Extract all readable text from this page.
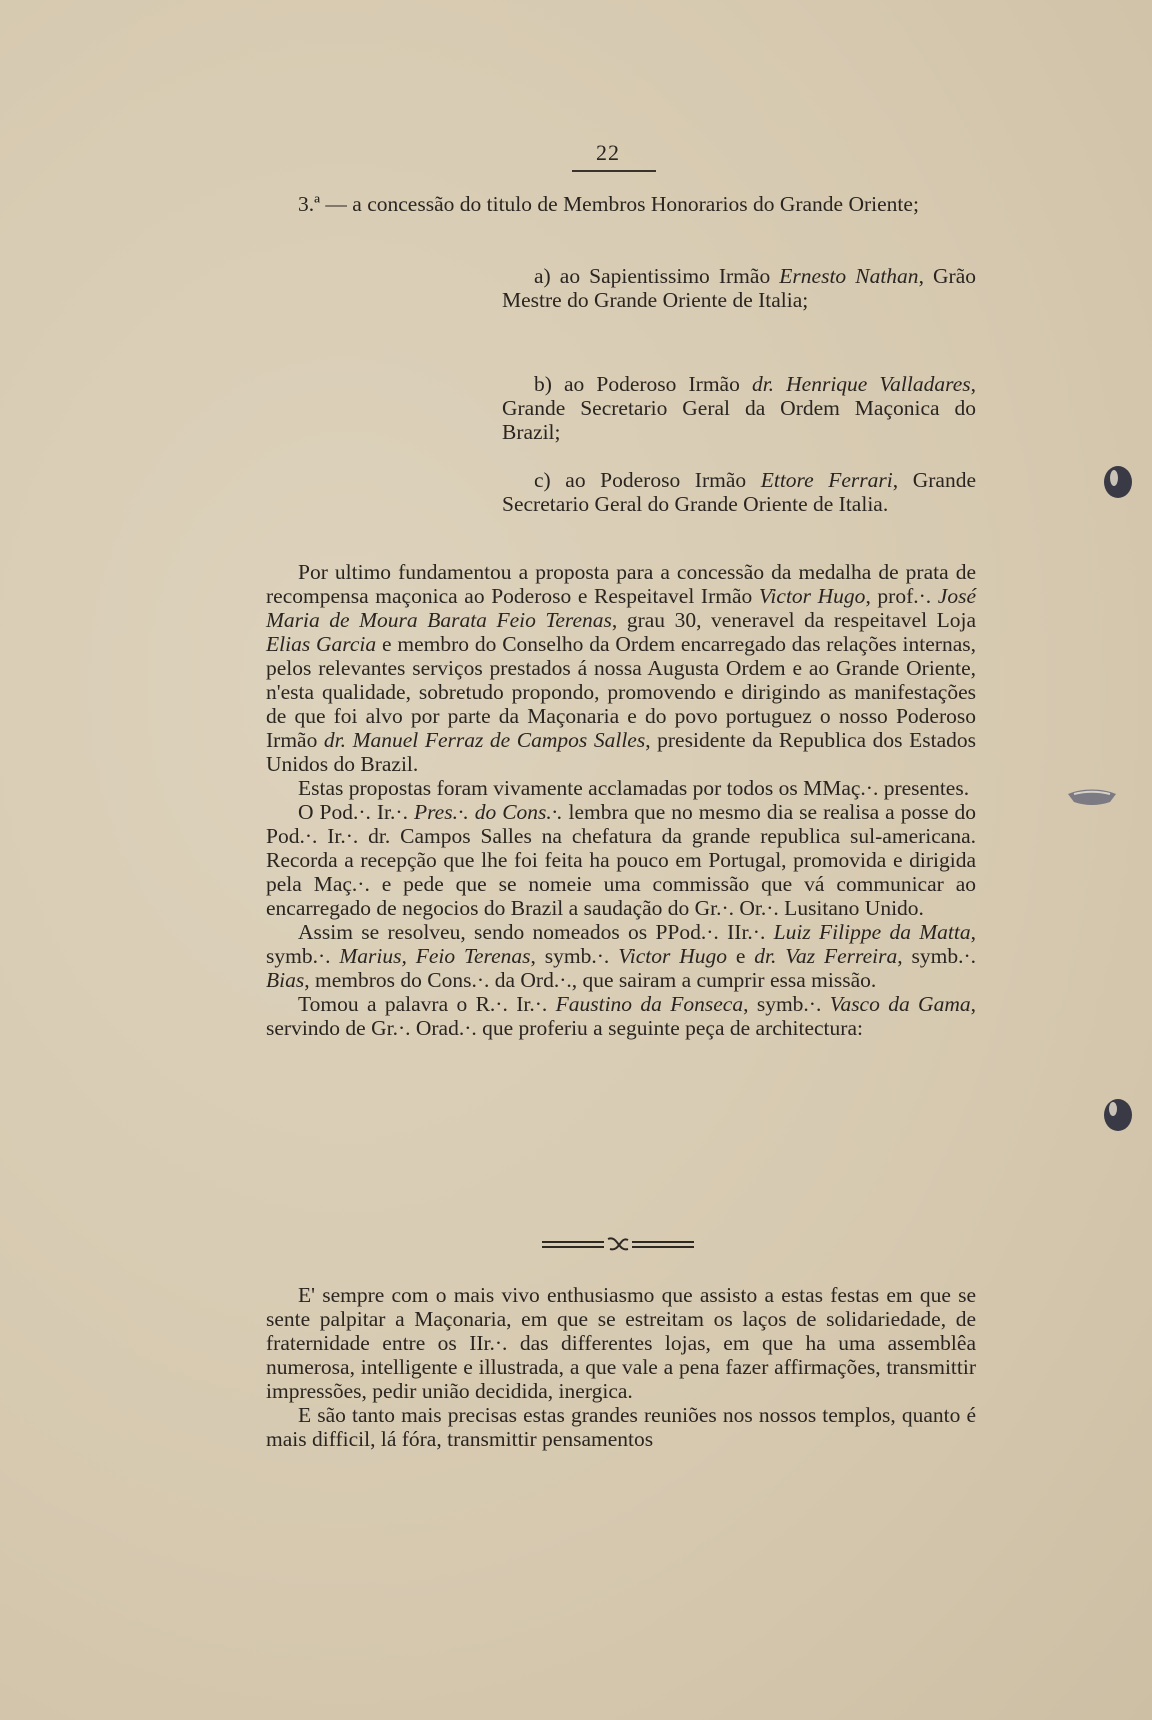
22

3.ª — a concessão do titulo de Membros Honorarios do Grande Oriente;

a) ao Sapientissimo Irmão Ernesto Nathan, Grão Mestre do Grande Oriente de Italia;

b) ao Poderoso Irmão dr. Henrique Valladares, Grande Secretario Geral da Ordem Maçonica do Brazil;

c) ao Poderoso Irmão Ettore Ferrari, Grande Secretario Geral do Grande Oriente de Italia.

Por ultimo fundamentou a proposta para a concessão da medalha de prata de recompensa maçonica ao Poderoso e Respeitavel Irmão Victor Hugo, prof.·. José Maria de Moura Barata Feio Terenas, grau 30, veneravel da respeitavel Loja Elias Garcia e membro do Conselho da Ordem encarregado das relações internas, pelos relevantes serviços prestados á nossa Augusta Ordem e ao Grande Oriente, n'esta qualidade, sobretudo propondo, promovendo e dirigindo as manifestações de que foi alvo por parte da Maçonaria e do povo portuguez o nosso Poderoso Irmão dr. Manuel Ferraz de Campos Salles, presidente da Republica dos Estados Unidos do Brazil.

Estas propostas foram vivamente acclamadas por todos os MMaç.·. presentes.

O Pod.·. Ir.·. Pres.·. do Cons.·. lembra que no mesmo dia se realisa a posse do Pod.·. Ir.·. dr. Campos Salles na chefatura da grande republica sul-americana. Recorda a recepção que lhe foi feita ha pouco em Portugal, promovida e dirigida pela Maç.·. e pede que se nomeie uma commissão que vá communicar ao encarregado de negocios do Brazil a saudação do Gr.·. Or.·. Lusitano Unido.

Assim se resolveu, sendo nomeados os PPod.·. IIr.·. Luiz Filippe da Matta, symb.·. Marius, Feio Terenas, symb.·. Victor Hugo e dr. Vaz Ferreira, symb.·. Bias, membros do Cons.·. da Ord.·., que sairam a cumprir essa missão.

Tomou a palavra o R.·. Ir.·. Faustino da Fonseca, symb.·. Vasco da Gama, servindo de Gr.·. Orad.·. que proferiu a seguinte peça de architectura:

E' sempre com o mais vivo enthusiasmo que assisto a estas festas em que se sente palpitar a Maçonaria, em que se estreitam os laços de solidariedade, de fraternidade entre os IIr.·. das differentes lojas, em que ha uma assemblêa numerosa, intelligente e illustrada, a que vale a pena fazer affirmações, transmittir impressões, pedir união decidida, inergica.

E são tanto mais precisas estas grandes reuniões nos nossos templos, quanto é mais difficil, lá fóra, transmittir pensamentos
